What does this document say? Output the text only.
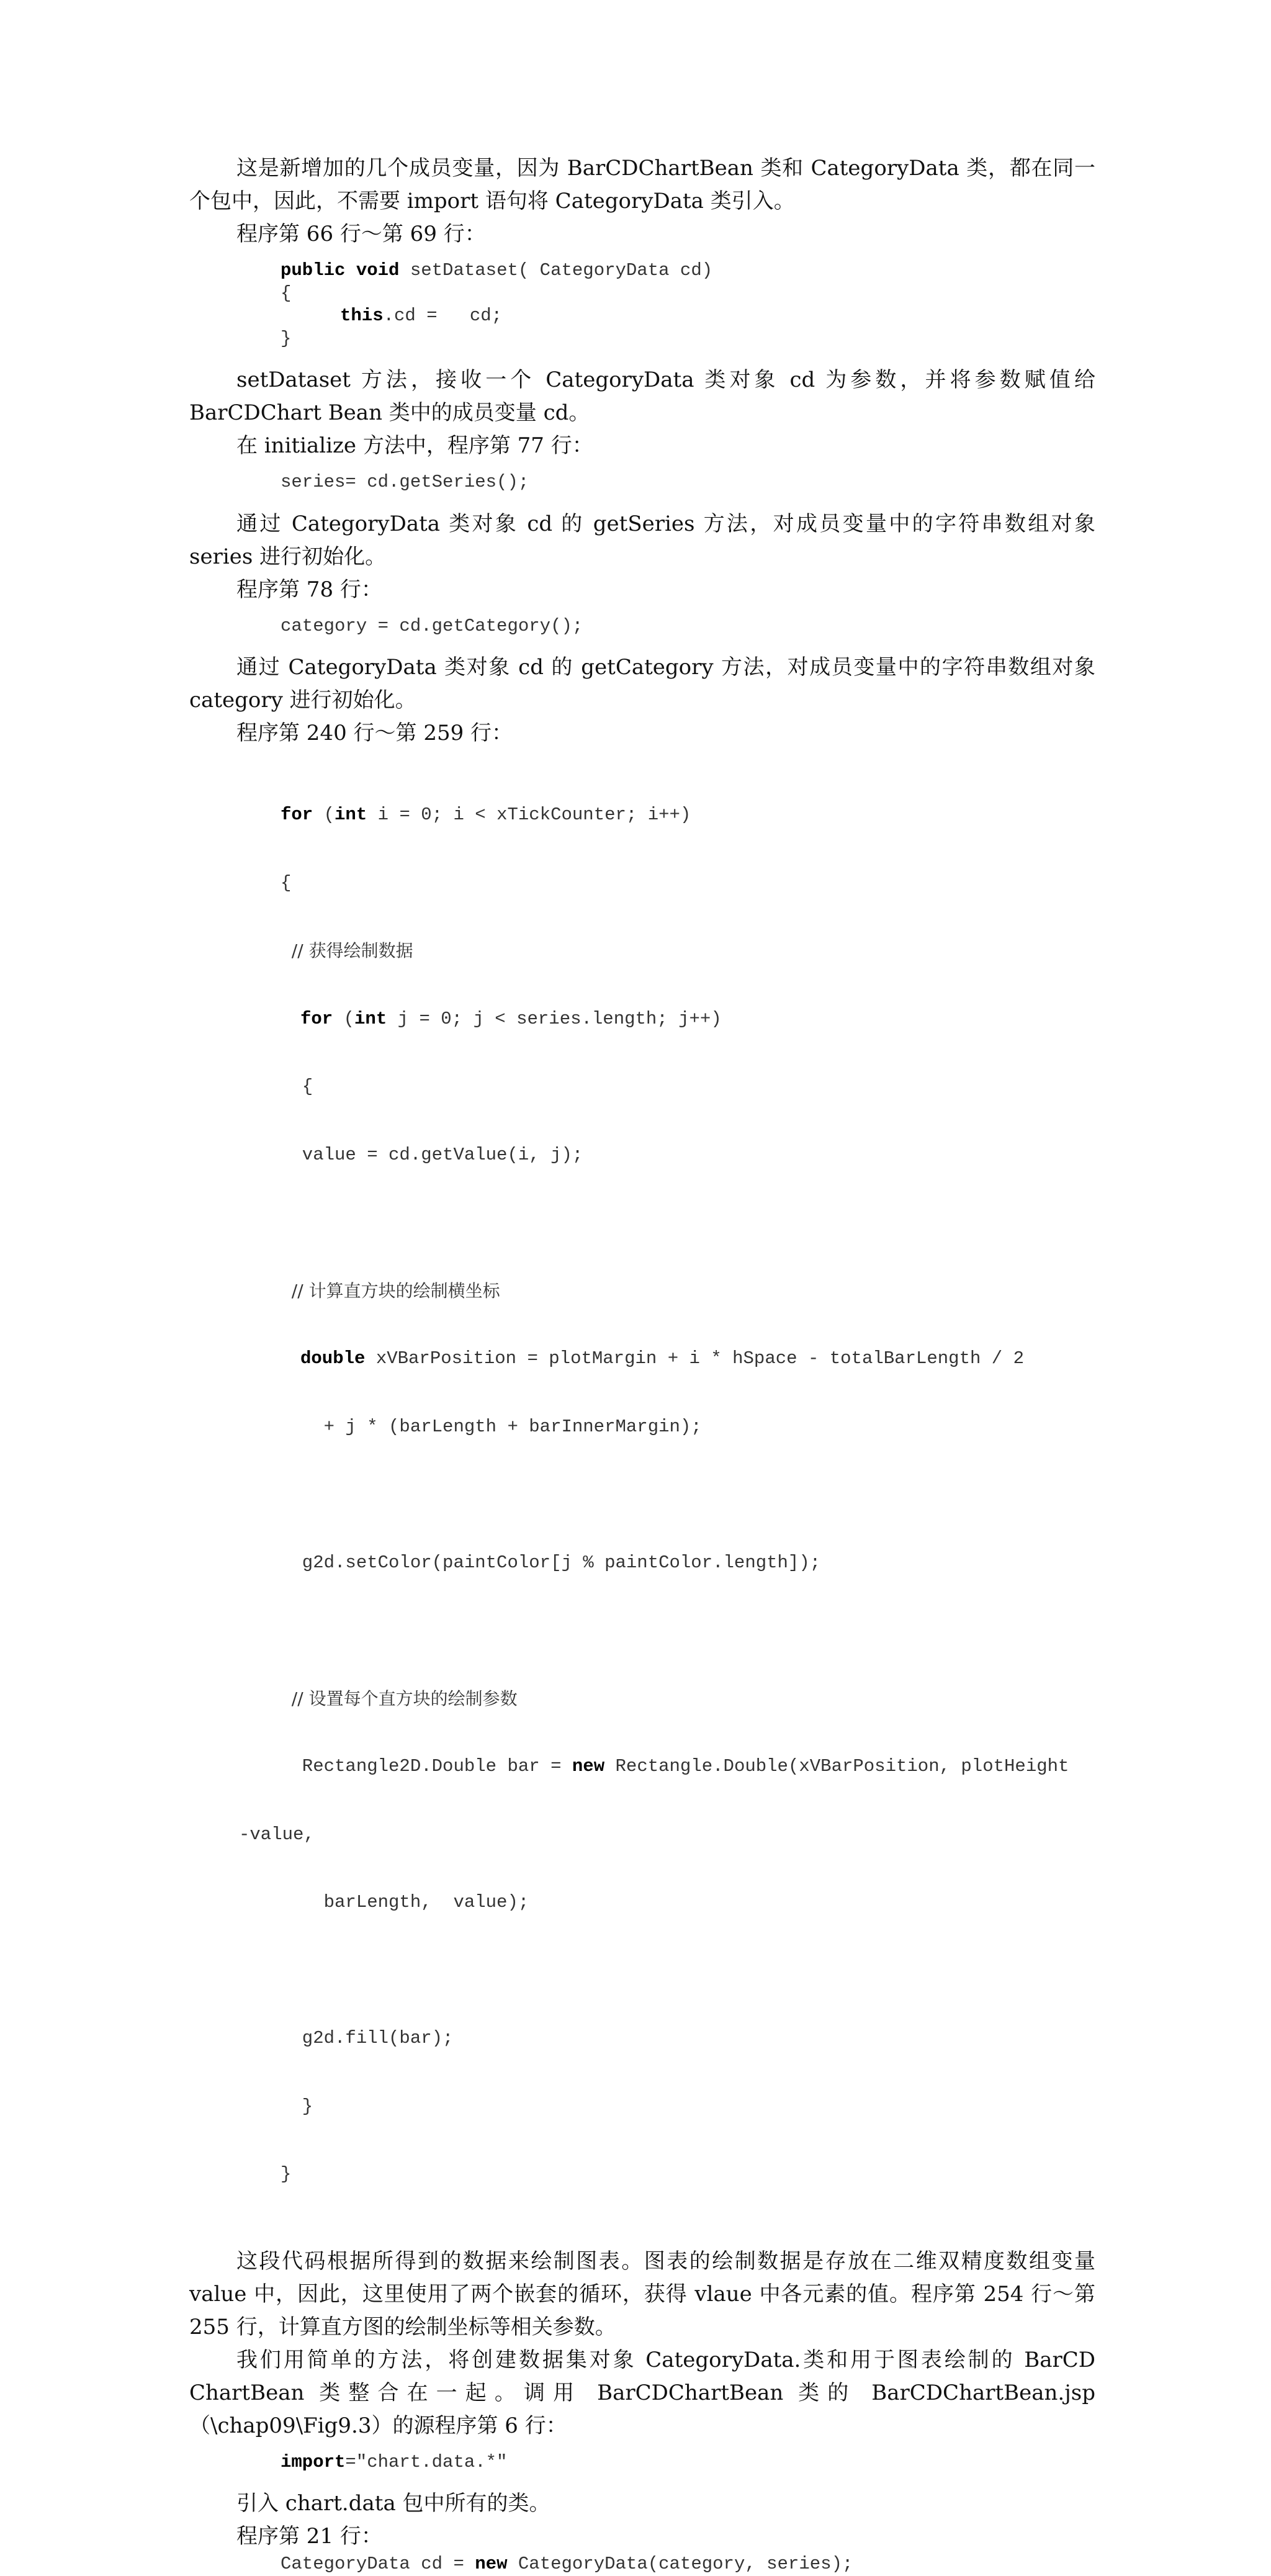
这是新增加的几个成员变量，因为 BarCDChartBean 类和 CategoryData 类，都在同一个包中，因此，不需要 import 语句将 CategoryData 类引入。

程序第 66 行～第 69 行：

public void setDataset( CategoryData cd)
{
this.cd =   cd;
}

setDataset 方法，接收一个 CategoryData 类对象 cd 为参数，并将参数赋值给 BarCDChart Bean 类中的成员变量 cd。

在 initialize 方法中，程序第 77 行：

series= cd.getSeries();

通过 CategoryData 类对象 cd 的 getSeries 方法，对成员变量中的字符串数组对象 series 进行初始化。

程序第 78 行：

category = cd.getCategory();

通过 CategoryData 类对象 cd 的 getCategory 方法，对成员变量中的字符串数组对象 category 进行初始化。

程序第 240 行～第 259 行：

for (int i = 0; i < xTickCounter; i++)

{

// 获得绘制数据

for (int j = 0; j < series.length; j++)

{

value = cd.getValue(i, j);

// 计算直方块的绘制横坐标

double xVBarPosition = plotMargin + i * hSpace - totalBarLength / 2

+ j * (barLength + barInnerMargin);

g2d.setColor(paintColor[j % paintColor.length]);

// 设置每个直方块的绘制参数

Rectangle2D.Double bar = new Rectangle.Double(xVBarPosition, plotHeight

-value,

barLength,  value);

g2d.fill(bar);

}

}

这段代码根据所得到的数据来绘制图表。图表的绘制数据是存放在二维双精度数组变量 value 中，因此，这里使用了两个嵌套的循环，获得 vlaue 中各元素的值。程序第 254 行～第 255 行，计算直方图的绘制坐标等相关参数。

我们用简单的方法，将创建数据集对象 CategoryData.类和用于图表绘制的 BarCD ChartBean 类整合在一起。调用 BarCDChartBean 类的 BarCDChartBean.jsp（\chap09\Fig9.3）的源程序第 6 行：

import="chart.data.*"

引入 chart.data 包中所有的类。

程序第 21 行：

CategoryData cd = new CategoryData(category, series);
